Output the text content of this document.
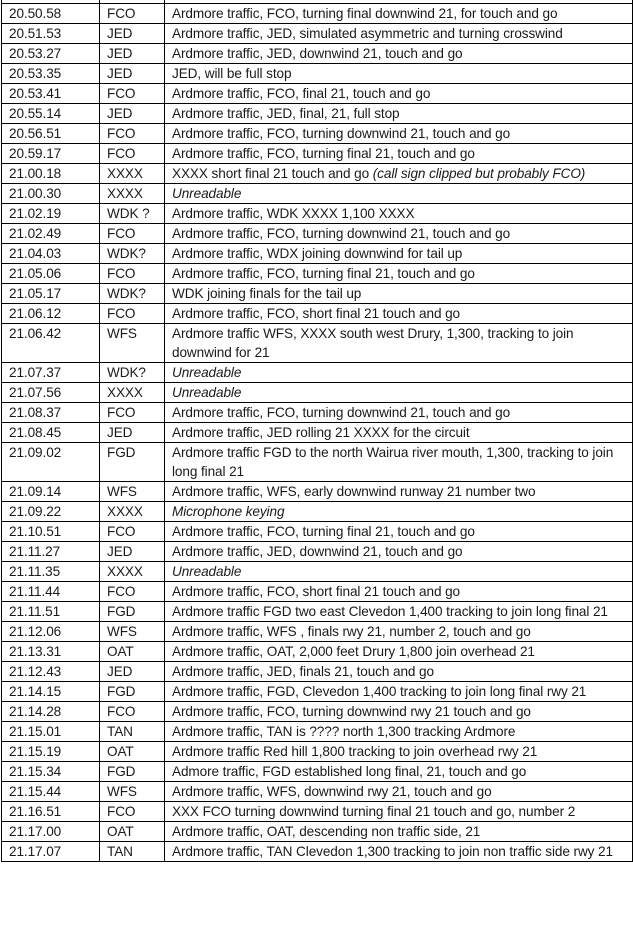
20.50.58	FCO	Ardmore traffic, FCO, turning final downwind 21, for touch and go
20.51.53	JED	Ardmore traffic, JED, simulated asymmetric and turning crosswind
20.53.27	JED	Ardmore traffic, JED, downwind 21, touch and go
20.53.35	JED	JED, will be full stop
20.53.41	FCO	Ardmore traffic, FCO, final 21, touch and go
20.55.14	JED	Ardmore traffic, JED, final, 21, full stop
20.56.51	FCO	Ardmore traffic, FCO, turning downwind 21, touch and go
20.59.17	FCO	Ardmore traffic, FCO, turning final 21, touch and go
21.00.18	XXXX	XXXX short final 21 touch and go (call sign clipped but probably FCO)
21.00.30	XXXX	Unreadable
21.02.19	WDK ?	Ardmore traffic, WDK XXXX 1,100 XXXX
21.02.49	FCO	Ardmore traffic, FCO, turning downwind 21, touch and go
21.04.03	WDK?	Ardmore traffic, WDX joining downwind for tail up
21.05.06	FCO	Ardmore traffic, FCO, turning final 21, touch and go
21.05.17	WDK?	WDK joining finals for the tail up
21.06.12	FCO	Ardmore traffic, FCO, short final 21 touch and go
21.06.42	WFS	Ardmore traffic WFS, XXXX south west Drury, 1,300, tracking to join downwind for 21
21.07.37	WDK?	Unreadable
21.07.56	XXXX	Unreadable
21.08.37	FCO	Ardmore traffic, FCO, turning downwind 21, touch and go
21.08.45	JED	Ardmore traffic, JED rolling 21 XXXX for the circuit
21.09.02	FGD	Ardmore traffic FGD to the north Wairua river mouth, 1,300, tracking to join long final 21
21.09.14	WFS	Ardmore traffic, WFS, early downwind runway 21 number two
21.09.22	XXXX	Microphone keying
21.10.51	FCO	Ardmore traffic, FCO, turning final 21, touch and go
21.11.27	JED	Ardmore traffic, JED, downwind 21, touch and go
21.11.35	XXXX	Unreadable
21.11.44	FCO	Ardmore traffic, FCO, short final 21 touch and go
21.11.51	FGD	Ardmore traffic FGD two east Clevedon 1,400 tracking to join long final 21
21.12.06	WFS	Ardmore traffic, WFS , finals rwy 21, number 2, touch and go
21.13.31	OAT	Ardmore traffic, OAT, 2,000 feet Drury 1,800 join overhead 21
21.12.43	JED	Ardmore traffic, JED, finals 21, touch and go
21.14.15	FGD	Ardmore traffic, FGD, Clevedon 1,400 tracking to join long final rwy 21
21.14.28	FCO	Ardmore traffic, FCO, turning downwind rwy 21 touch and go
21.15.01	TAN	Ardmore traffic, TAN is ???? north 1,300 tracking Ardmore
21.15.19	OAT	Ardmore traffic Red hill 1,800 tracking to join overhead rwy 21
21.15.34	FGD	Admore traffic, FGD established long final, 21, touch and go
21.15.44	WFS	Ardmore traffic, WFS, downwind rwy 21, touch and go
21.16.51	FCO	XXX FCO turning downwind turning final 21 touch and go, number 2
21.17.00	OAT	Ardmore traffic, OAT, descending non traffic side, 21
21.17.07	TAN	Ardmore traffic, TAN Clevedon 1,300 tracking to join non traffic side rwy 21
